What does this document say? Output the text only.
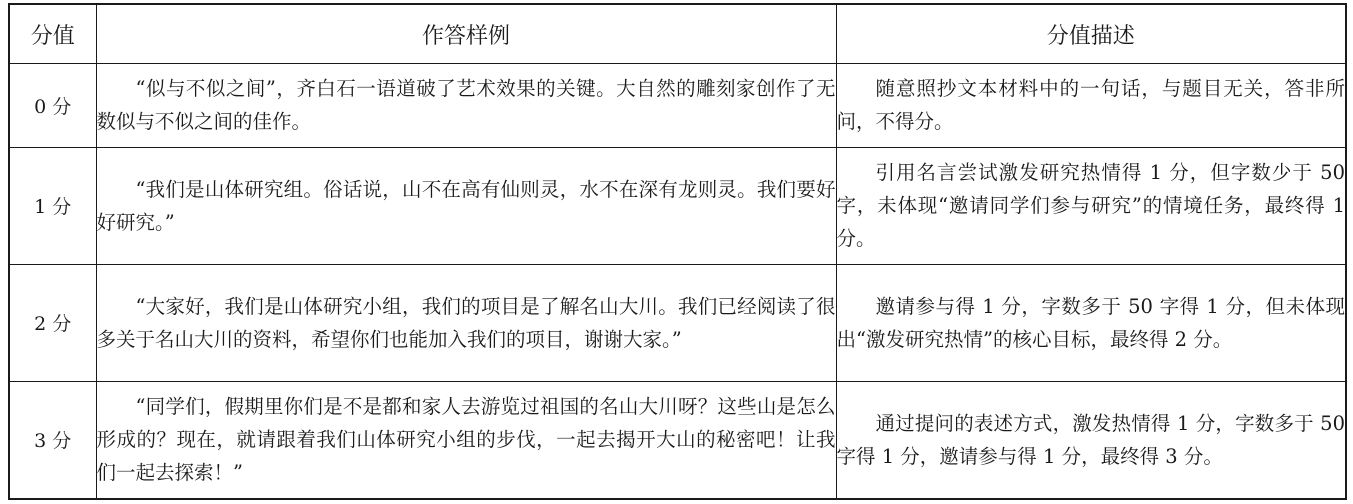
分值	作答样例	分值描述
0 分	“似与不似之间”，齐白石一语道破了艺术效果的关键。大自然的雕刻家创作了无数似与不似之间的佳作。	随意照抄文本材料中的一句话，与题目无关，答非所问，不得分。
1 分	“我们是山体研究组。俗话说，山不在高有仙则灵，水不在深有龙则灵。我们要好好研究。”	引用名言尝试激发研究热情得 1 分，但字数少于 50 字，未体现“邀请同学们参与研究”的情境任务，最终得 1 分。
2 分	“大家好，我们是山体研究小组，我们的项目是了解名山大川。我们已经阅读了很多关于名山大川的资料，希望你们也能加入我们的项目，谢谢大家。”	邀请参与得 1 分，字数多于 50 字得 1 分，但未体现出“激发研究热情”的核心目标，最终得 2 分。
3 分	“同学们，假期里你们是不是都和家人去游览过祖国的名山大川呀？这些山是怎么形成的？现在，就请跟着我们山体研究小组的步伐，一起去揭开大山的秘密吧！让我们一起去探索！”	通过提问的表述方式，激发热情得 1 分，字数多于 50 字得 1 分，邀请参与得 1 分，最终得 3 分。
